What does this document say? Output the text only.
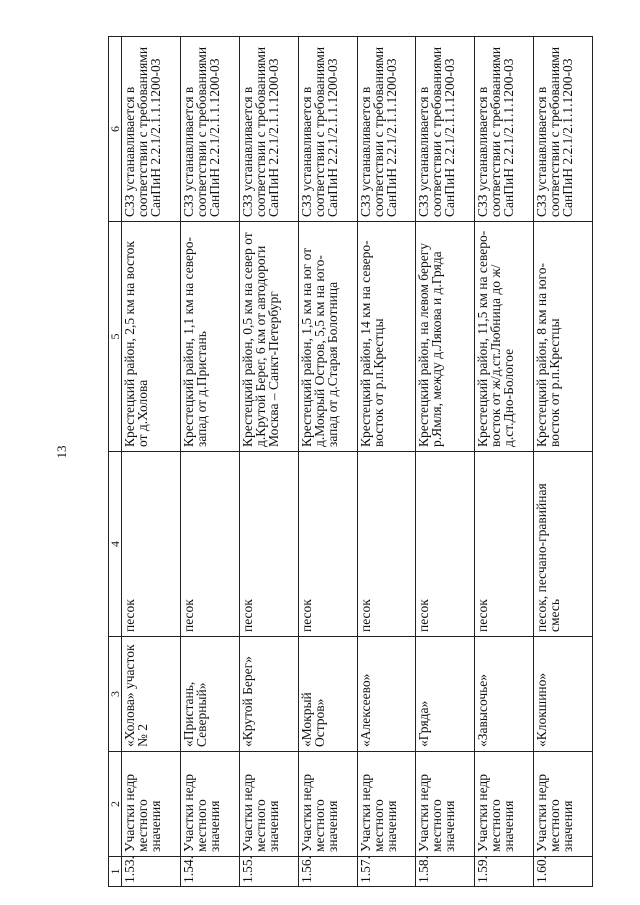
13
1	2	3	4	5	6
1.53.	Участки недр местного значения	«Холова» участок № 2	песок	Крестецкий район, 2,5 км на восток от д.Холова	СЗЗ устанавливается в соответствии с требованиями СанПиН 2.2.1/2.1.1.1200-03
1.54.	Участки недр местного значения	«Пристань, Северный»	песок	Крестецкий район, 1,1 км на северо-запад от д.Пристань	СЗЗ устанавливается в соответствии с требованиями СанПиН 2.2.1/2.1.1.1200-03
1.55.	Участки недр местного значения	«Крутой Берег»	песок	Крестецкий район, 0,5 км на север от д.Крутой Берег, 6 км от автодороги Москва – Санкт-Петербург	СЗЗ устанавливается в соответствии с требованиями СанПиН 2.2.1/2.1.1.1200-03
1.56.	Участки недр местного значения	«Мокрый Остров»	песок	Крестецкий район, 1,5 км на юг от д.Мокрый Остров, 5,5 км на юго-запад от д.Старая Болотница	СЗЗ устанавливается в соответствии с требованиями СанПиН 2.2.1/2.1.1.1200-03
1.57.	Участки недр местного значения	«Алексеево»	песок	Крестецкий район, 14 км на северо-восток от р.п.Крестцы	СЗЗ устанавливается в соответствии с требованиями СанПиН 2.2.1/2.1.1.1200-03
1.58.	Участки недр местного значения	«Гряда»	песок	Крестецкий район, на левом берегу р.Ямля, между д.Лякова и д.Гряда	СЗЗ устанавливается в соответствии с требованиями СанПиН 2.2.1/2.1.1.1200-03
1.59.	Участки недр местного значения	«Завысочье»	песок	Крестецкий район, 11,5 км на северо-восток от ж/д.ст.Любница до ж/д.ст.Дно-Бологое	СЗЗ устанавливается в соответствии с требованиями СанПиН 2.2.1/2.1.1.1200-03
1.60.	Участки недр местного значения	«Клокшино»	песок, песчано-гравийная смесь	Крестецкий район, 8 км на юго-восток от р.п.Крестцы	СЗЗ устанавливается в соответствии с требованиями СанПиН 2.2.1/2.1.1.1200-03
